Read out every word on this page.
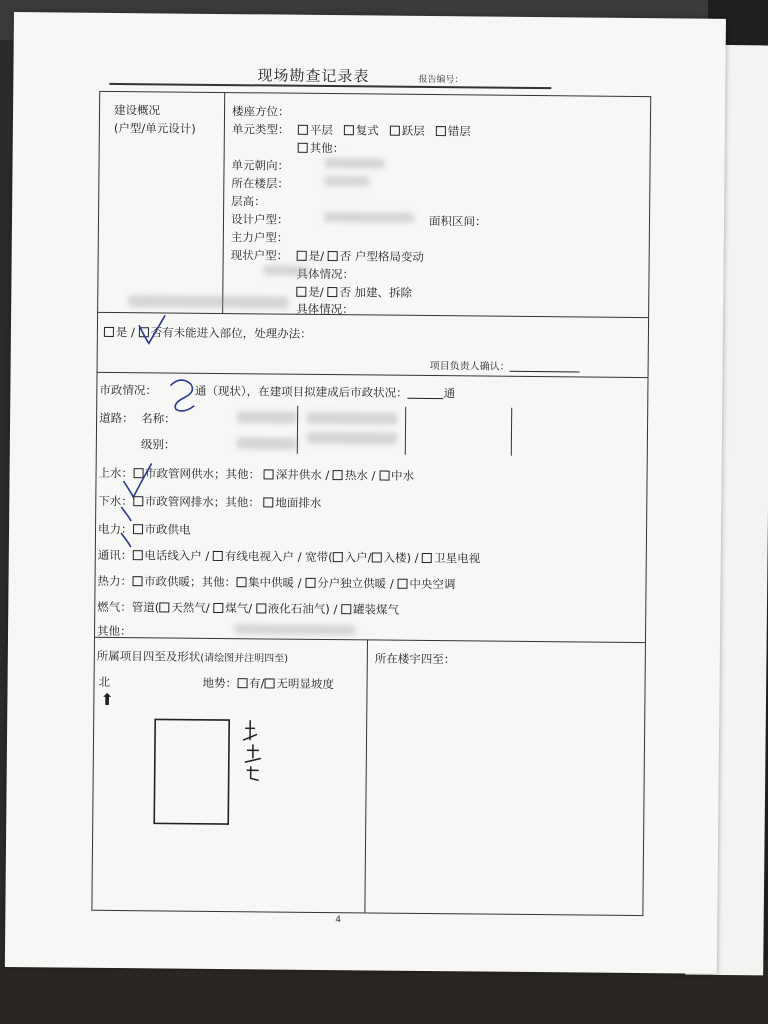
现场勘查记录表	报告编号：
建设概况
(户型/单元设计)
楼座方位：
单元类型：	平层 复式 跃层 错层
其他：
单元朝向：
所在楼层：
层高：
设计户型：	面积区间：
主力户型：
现状户型：	是/ 否 户型格局变动
具体情况：
是/ 否 加建、拆除
具体情况：
是 / 否有未能进入部位，处理办法：
项目负责人确认：
市政情况：	通（现状），在建项目拟建成后市政状况：	通
道路： 名称：
级别：
上水： 市政管网供水；其他： 深井供水 / 热水 / 中水
下水： 市政管网排水；其他： 地面排水
电力： 市政供电
通讯： 电话线入户 / 有线电视入户 / 宽带( 入户/ 入楼) / 卫星电视
热力： 市政供暖；其他： 集中供暖 / 分户独立供暖 / 中央空调
燃气：管道( 天然气/ 煤气/ 液化石油气) / 罐装煤气
其他：
所属项目四至及形状(请绘图并注明四至)
北
⬆
地势： 有/ 无明显坡度
所在楼宇四至：
4
